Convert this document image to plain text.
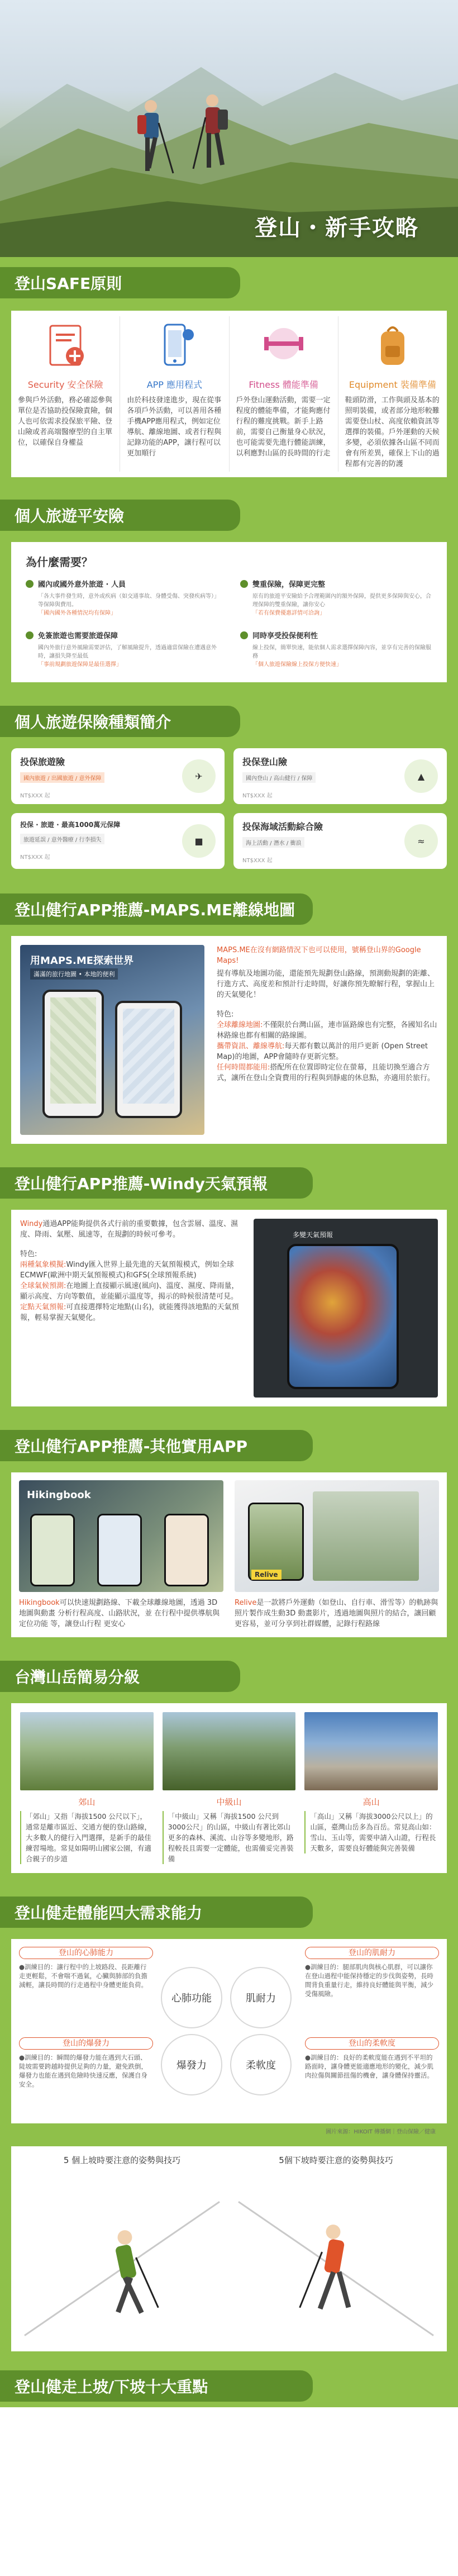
登山・新手攻略
登山SAFE原則
Security 安全保險
參與戶外活動，務必確認參與單位是否協助投保險責險，個人也可依需求投保旅平險、登山險或者高端醫療型的自主單位，以確保自身權益
APP 應用程式
由於科技發達進步，現在從事各項戶外活動，可以善用各種手機APP應用程式，例如定位導航、離線地圖、或者行程與記錄功能的APP，讓行程可以更加順行
Fitness 體能準備
戶外登山運動活動，需要一定程度的體能準備，才能夠應付行程的難度挑戰。新手上路前，需要自己衡量身心狀況，也可能需要先進行體能訓練，以利應對山區的長時間的行走
Equipment 裝備準備
鞋頭防滑，工作與頭及基本的照明裝備，或者部分地形較難需要登山杖、高度依賴資訊等選擇的裝備。戶外運動的天候多變，必須依據各山區不同而會有所差異，確保上下山的過程都有完善的防護
個人旅遊平安險
為什麼需要？
國內或國外意外旅遊 · 人員
「各大事件發生時，意外或疾病（如交通事故、身體受傷、突發疾病等）」等保障與費用。
「國內國外各種情況均有保障」
雙重保險，保障更完整
原有的旅遊平安險給予合理範圍內的額外保障，提供更多保障與安心，合理保障的雙重保險，讓你安心
「若有保費優惠詳情可洽詢」
免簽旅遊也需要旅遊保障
國內外旅行意外風險需要評估，了解風險提升，透過適當保險在遭遇意外時，讓損失降至最低
「事前規劃旅遊保障是最佳選擇」
同時享受投保便利性
線上投保，簡單快速，能依個人需求選擇保障內容，並享有完善的保險服務
「個人旅遊保險線上投保方便快速」
個人旅遊保險種類簡介
投保旅遊險
國內旅遊 / 出國旅遊 / 意外保障
NT$XXX 起
✈
投保登山險
國內登山 / 高山健行 / 保障
NT$XXX 起
▲
投保 · 旅遊 · 最高1000萬元保障
旅遊延誤 / 意外醫療 / 行李損失
NT$XXX 起
■
投保海域活動綜合險
海上活動 / 潛水 / 衝浪
NT$XXX 起
≈
登山健行APP推薦-MAPS.ME離線地圖
用MAPS.ME探索世界
滿滿的旅行地圖 • 本地的便利
MAPS.ME在沒有網路情況下也可以使用，號稱登山界的Google Maps!
提有導航及地圖功能，還能預先規劃登山路線，預測動規劃的距離、行進方式、高度差和預計行走時間，好讓你預先瞭解行程，掌握山上的天氣變化！
特色:
全球離線地圖:不僅限於台灣山區，連市區路線也有完整，各國知名山林路線也都有相關的路線圖。
攜帶資訊、離線導航:每天都有數以萬計的用戶更新 (Open Street Map)的地圖，APP會隨時存更新完整。
任何時間都能用:搭配所在位置即時定位在螢幕，且能切換至適合方式，讓所在登山全資費用的行程與到靜處的休息點，亦適用於旅行。
登山健行APP推薦-Windy天氣預報
Windy通過APP能夠提供各式行前的重要數據，包含雲層、溫度、濕度、降雨、氣壓、風速等，在規劃的時候可參考。
特色:
兩種氣象模擬:Windy匯入世界上最先進的天氣預報模式，例如全球ECMWF(歐洲中期天氣預報模式)和GFS(全球預報系統)
全球氣候預測:在地圖上直接顯示風速(風向)、溫度、濕度、降雨量，顯示高度、方向等數值，並能顯示溫度等，揭示的時候很清楚可見。
定點天氣預報:可直接選擇特定地點(山名)，就能獲得該地點的天氣預報，輕易掌握天氣變化。
多變天氣預報
登山健行APP推薦-其他實用APP
Hikingbook
Hikingbook可以快速規劃路線、下載全球離線地圖，透過 3D 地圖與動畫 分析行程高度、山路狀況，並 在行程中提供導航與定位功能 等，讓登山行程 更安心
Relive
Relive是一款將戶外運動（如登山、自行車、滑雪等）的軌跡與照片製作成生動3D 動畫影片，透過地圖與照片的結合，讓回顧更容易，並可分享到社群媒體，記錄行程路線
台灣山岳簡易分級
郊山
「郊山」又指「海拔1500 公尺以下」，通常是離市區近、交通方便的登山路線，大多數人的健行入門選擇，是新手的最佳練習場地。常見如陽明山國家公園，有適合親子的步道
中級山
「中級山」又稱「海拔1500 公尺到3000公尺」的山區，中級山有著比郊山更多的森林、溪流、山谷等多變地形，路程較長且需要一定體能，也需備妥完善裝備
高山
「高山」又稱「海拔3000公尺以上」的山區，臺灣山岳多為百岳。常見高山如：雪山、玉山等，需要申請入山證，行程長天數多，需要良好體能與完善裝備
登山健走體能四大需求能力
登山的心肺能力
●訓練目的：讓行程中的上坡路段、長距離行走更輕鬆，不會喘不過氣，心臟與肺部的負擔減輕，讓長時間的行走過程中身體更能負荷。
登山的肌耐力
●訓練目的：腿部肌肉與核心肌群，可以讓你在登山過程中能保持穩定的步伐與姿勢，長時間背負重量行走，維持良好體能與平衡，減少受傷風險。
登山的爆發力
●訓練目的：瞬間的爆發力能在遇到大石頭、陡坡需要跨越時提供足夠的力量，避免跌倒，爆發力也能在遇到危險時快速反應，保護自身安全。
登山的柔軟度
●訓練目的：良好的柔軟度能在遇到不平坦的路面時，讓身體更能適應地形的變化，減少肌肉拉傷與關節扭傷的機會，讓身體保持靈活。
心肺功能	肌耐力
爆發力	柔軟度
圖片來源：HIKOIT 傳播網｜登山保險／健康
5 個上坡時要注意的姿勢與技巧	5個下坡時要注意的姿勢與技巧
登山健走上坡/下坡十大重點
